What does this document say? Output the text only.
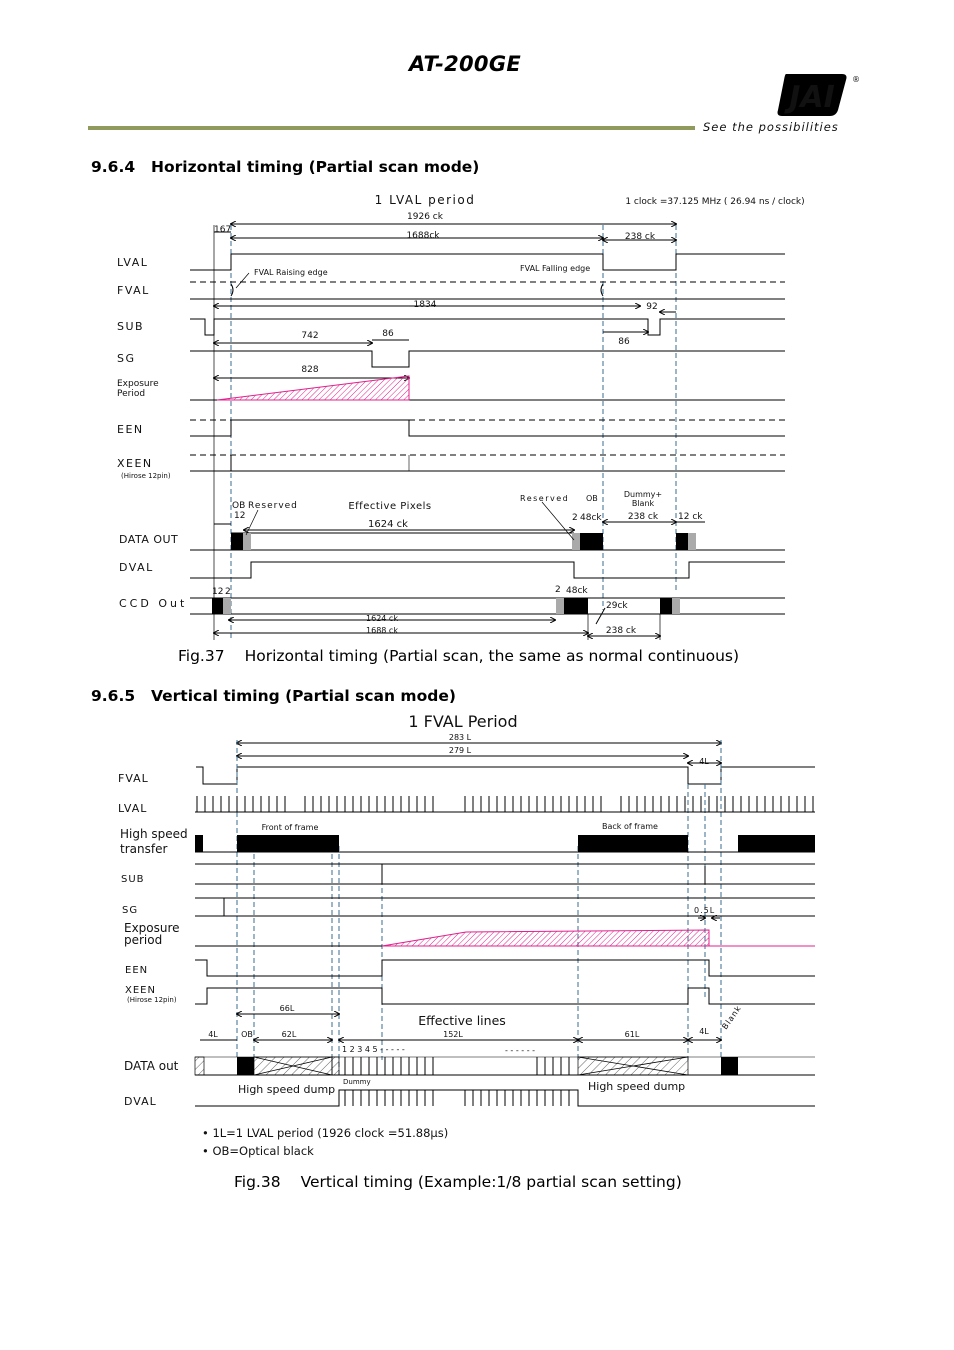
AT-200GE
JAI
®
See the possibilities
9.6.4 Horizontal timing (Partial scan mode)
1 LVAL period	1 clock =37.125 MHz ( 26.94 ns / clock)
LVAL
FVAL
SUB
SG
Exposure
Period
EEN
XEEN
(Hirose 12pin)
DATA OUT
DVAL
CCD Out
1926 ck
167
1688ck	238 ck
FVAL Raising edge	FVAL Falling edge
1834	92
742	86
86
828
OB Reserved
12
Effective Pixels
1624 ck
Reserved OB	Dummy+
Blank
2 48ck	238 ck 12 ck
12 2	2 48ck
29ck
1624 ck
1688 ck	238 ck
Fig.37 Horizontal timing (Partial scan, the same as normal continuous)
9.6.5 Vertical timing (Partial scan mode)
1 FVAL Period
FVAL
LVAL
High speed
transfer
SUB
SG
Exposure
period
EEN
XEEN
(Hirose 12pin)
DATA out
DVAL
283 L
279 L
4L
Front of frame	Back of frame
0.5L
66L
Effective lines
4L	OB	62L	152L	61L	4L
Blank
1 2 3 4 5 - - - - -	- - - - - -
High speed dump
Dummy	High speed dump
• 1L=1 LVAL period (1926 clock =51.88μs)
• OB=Optical black
Fig.38 Vertical timing (Example:1/8 partial scan setting)
